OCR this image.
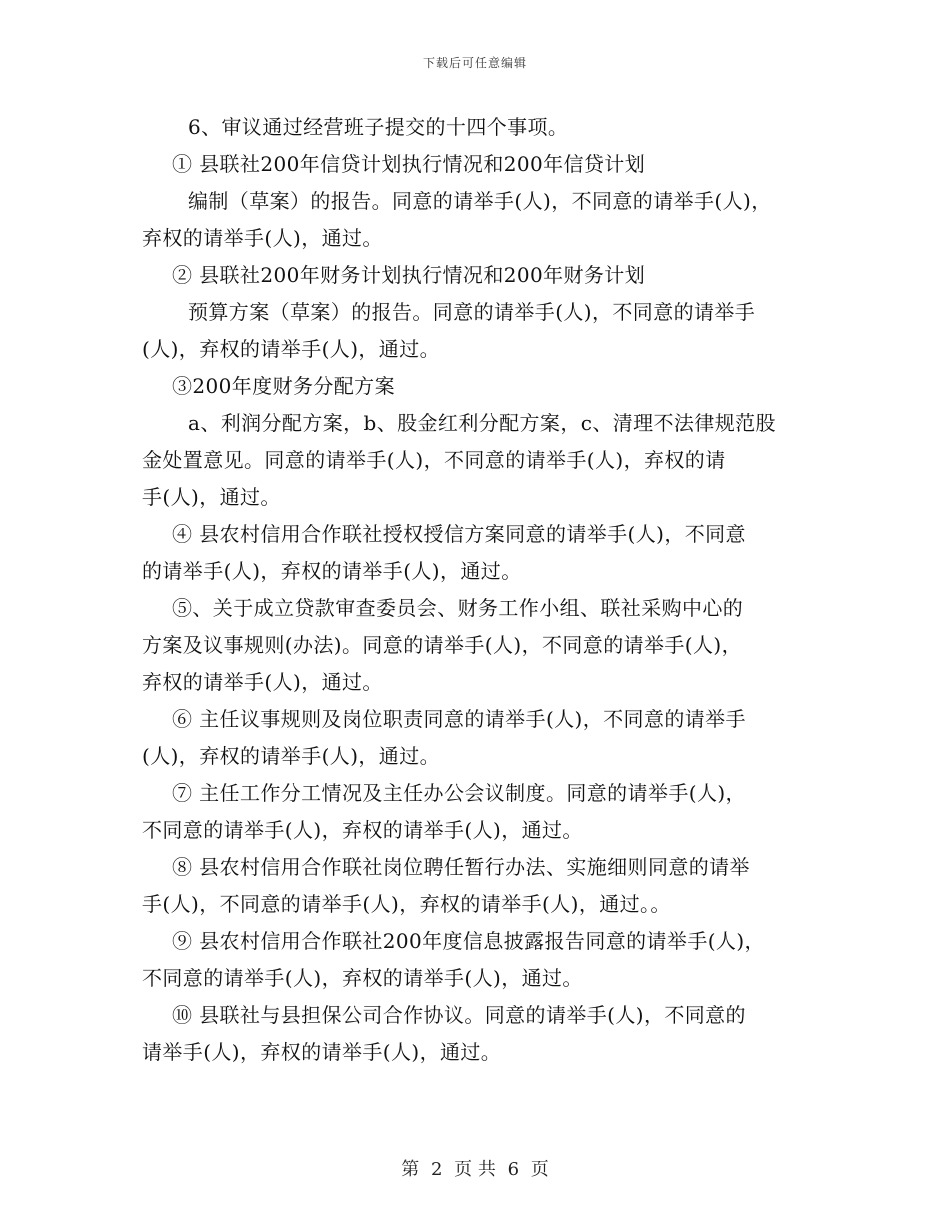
下载后可任意编辑

6、审议通过经营班子提交的十四个事项。

① 县联社200年信贷计划执行情况和200年信贷计划

编制（草案）的报告。同意的请举手(人)，不同意的请举手(人)，

弃权的请举手(人)，通过。

② 县联社200年财务计划执行情况和200年财务计划

预算方案（草案）的报告。同意的请举手(人)，不同意的请举手

(人)，弃权的请举手(人)，通过。

③200年度财务分配方案

a、利润分配方案，b、股金红利分配方案，c、清理不法律规范股

金处置意见。同意的请举手(人)，不同意的请举手(人)，弃权的请

手(人)，通过。

④ 县农村信用合作联社授权授信方案同意的请举手(人)，不同意

的请举手(人)，弃权的请举手(人)，通过。

⑤、关于成立贷款审查委员会、财务工作小组、联社采购中心的

方案及议事规则(办法)。同意的请举手(人)，不同意的请举手(人)，

弃权的请举手(人)，通过。

⑥ 主任议事规则及岗位职责同意的请举手(人)，不同意的请举手

(人)，弃权的请举手(人)，通过。

⑦ 主任工作分工情况及主任办公会议制度。同意的请举手(人)，

不同意的请举手(人)，弃权的请举手(人)，通过。

⑧ 县农村信用合作联社岗位聘任暂行办法、实施细则同意的请举

手(人)，不同意的请举手(人)，弃权的请举手(人)，通过。。

⑨ 县农村信用合作联社200年度信息披露报告同意的请举手(人)，

不同意的请举手(人)，弃权的请举手(人)，通过。

⑩ 县联社与县担保公司合作协议。同意的请举手(人)，不同意的

请举手(人)，弃权的请举手(人)，通过。

第 2 页 共 6 页
